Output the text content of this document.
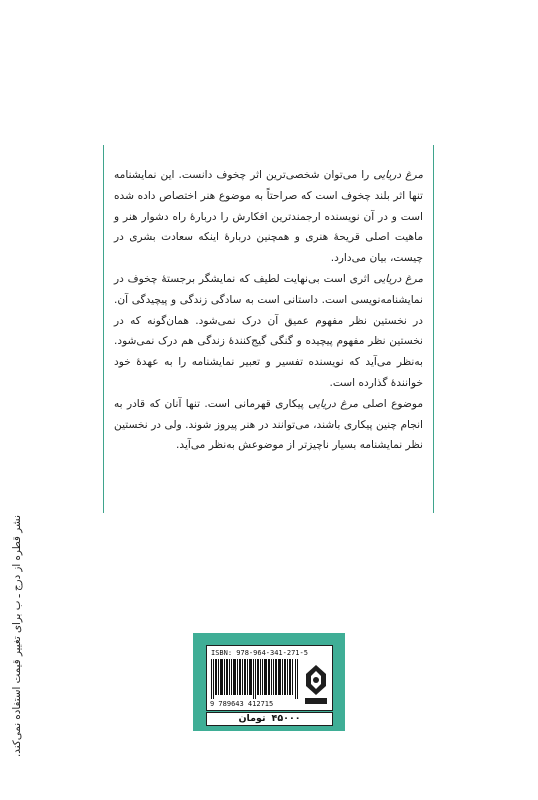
مرغ دریایی را می‌توان شخصی‌ترین اثر چخوف دانست. این نمایشنامه تنها اثر بلند چخوف است که صراحتاً به موضوع هنر اختصاص داده شده است و در آن نویسنده ارجمندترین افکارش را دربارهٔ راه دشوار هنر و ماهیت اصلی قریحهٔ هنری و همچنین دربارهٔ اینکه سعادت بشری در چیست، بیان می‌دارد.

مرغ دریایی اثری است بی‌نهایت لطیف که نمایشگر برجستهٔ چخوف در نمایشنامه‌نویسی است. داستانی است به سادگی زندگی و پیچیدگی آن. در نخستین نظر مفهوم عمیق آن درک نمی‌شود. همان‌گونه که در نخستین نظر مفهوم پیچیده و گنگی گیج‌کنندهٔ زندگی هم درک نمی‌شود. به‌نظر می‌آید که نویسنده تفسیر و تعبیر نمایشنامه را به عهدهٔ خود خوانندهٔ گذارده است.

موضوع اصلی مرغ دریایی پیکاری قهرمانی است. تنها آنان که قادر به انجام چنین پیکاری باشند، می‌توانند در هنر پیروز شوند. ولی در نخستین نظر نمایشنامه بسیار ناچیزتر از موضوعش به‌نظر می‌آید.

نشر قطره از درج‌ ـ ب برای تغییر قیمت استفاده نمی‌کند.	ISBN: 978-964-341-271-5
9 789643 412715
۴۵۰۰۰تومان
